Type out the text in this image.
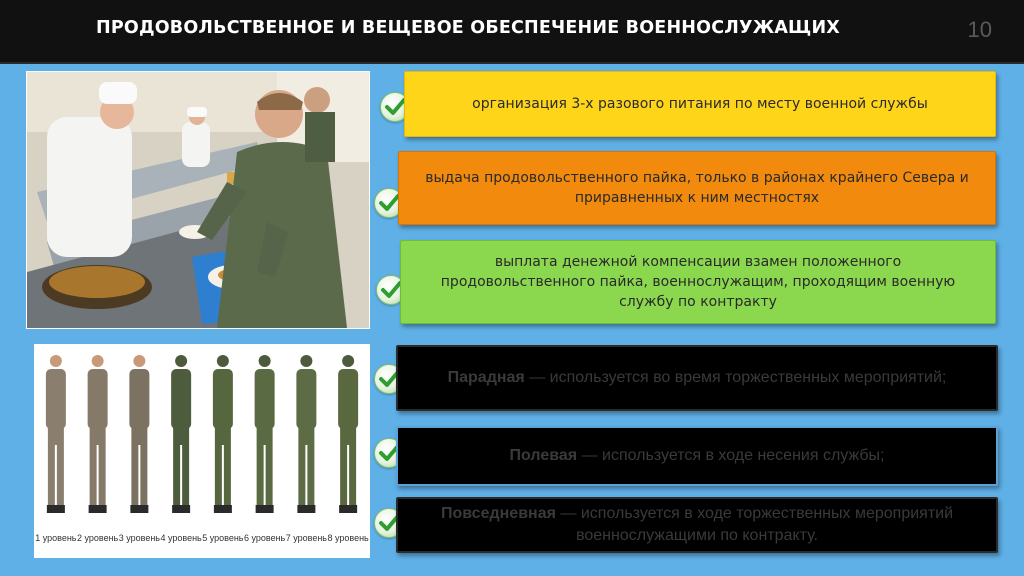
ПРОДОВОЛЬСТВЕННОЕ И ВЕЩЕВОЕ ОБЕСПЕЧЕНИЕ ВОЕННОСЛУЖАЩИХ	10
1 уровень 2 уровень 3 уровень 4 уровень 5 уровень 6 уровень 7 уровень 8 уровень
организация 3-х разового питания по месту военной службы
выдача продовольственного пайка, только в районах крайнего Севера и приравненных к ним местностях
выплата денежной компенсации взамен положенного продовольственного пайка, военнослужащим, проходящим военную службу по контракту
Парадная — используется во время торжественных мероприятий;
Полевая — используется в ходе несения службы;
Повседневная — используется в ходе торжественных мероприятий военнослужащими по контракту.
